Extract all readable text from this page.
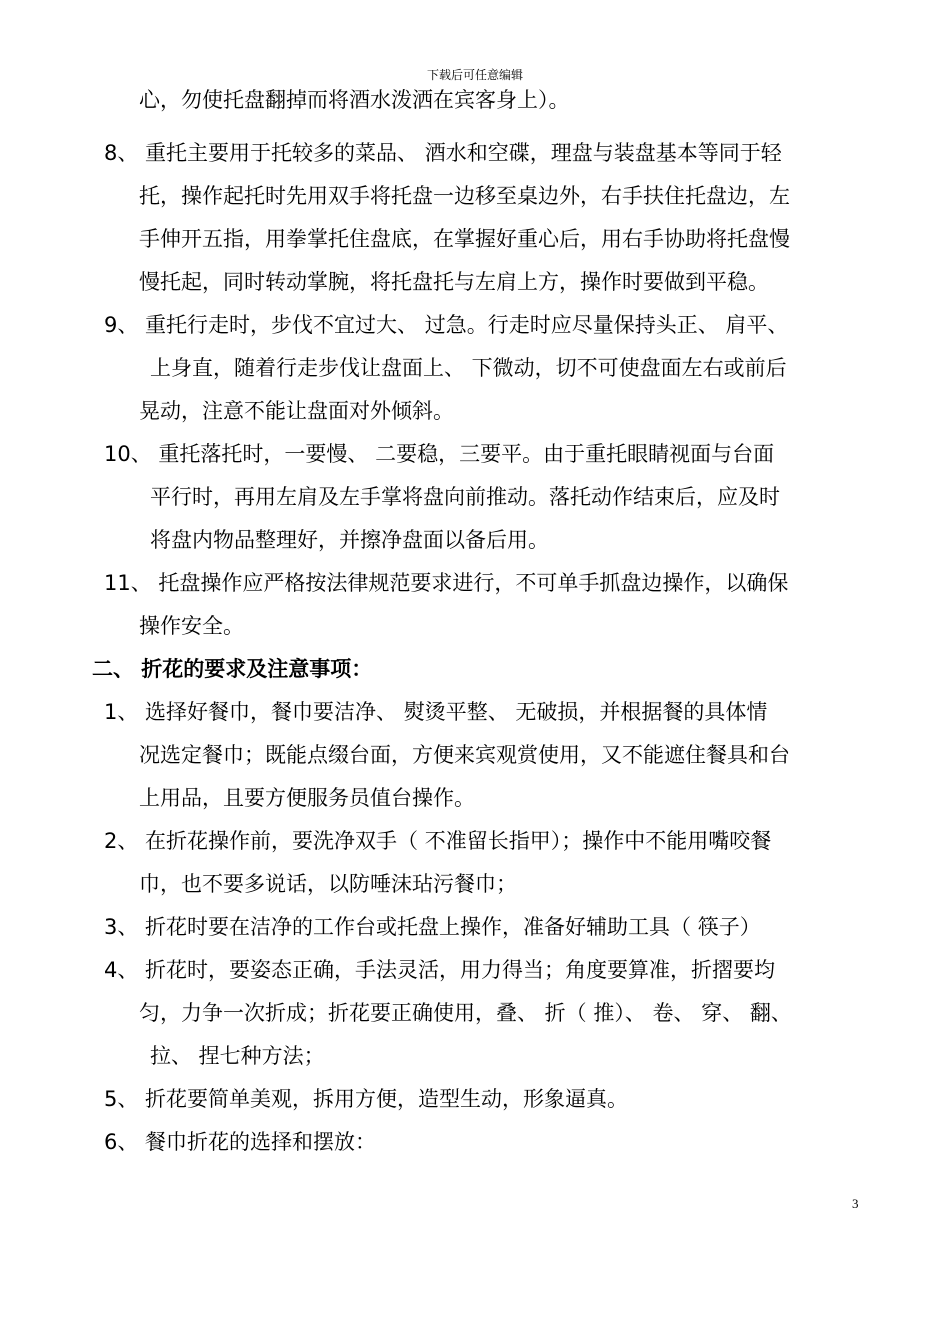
下载后可任意编辑
心，勿使托盘翻掉而将酒水泼洒在宾客身上）。
8、 重托主要用于托较多的菜品、 酒水和空碟，理盘与装盘基本等同于轻
托，操作起托时先用双手将托盘一边移至桌边外，右手扶住托盘边，左
手伸开五指，用拳掌托住盘底，在掌握好重心后，用右手协助将托盘慢
慢托起，同时转动掌腕，将托盘托与左肩上方，操作时要做到平稳。
9、 重托行走时，步伐不宜过大、 过急。行走时应尽量保持头正、 肩平、
上身直，随着行走步伐让盘面上、 下微动，切不可使盘面左右或前后
晃动，注意不能让盘面对外倾斜。
10、 重托落托时，一要慢、 二要稳，三要平。由于重托眼睛视面与台面
平行时，再用左肩及左手掌将盘向前推动。落托动作结束后，应及时
将盘内物品整理好，并擦净盘面以备后用。
11、 托盘操作应严格按法律规范要求进行，不可单手抓盘边操作，以确保
操作安全。
二、 折花的要求及注意事项：
1、 选择好餐巾，餐巾要洁净、 熨烫平整、 无破损，并根据餐的具体情
况选定餐巾；既能点缀台面，方便来宾观赏使用，又不能遮住餐具和台
上用品，且要方便服务员值台操作。
2、 在折花操作前，要洗净双手（ 不准留长指甲）；操作中不能用嘴咬餐
巾，也不要多说话，以防唾沫玷污餐巾；
3、 折花时要在洁净的工作台或托盘上操作，准备好辅助工具（ 筷子）
4、 折花时，要姿态正确，手法灵活，用力得当；角度要算准，折摺要均
匀，力争一次折成；折花要正确使用，叠、 折（ 推）、 卷、 穿、 翻、
拉、 捏七种方法；
5、 折花要简单美观，拆用方便，造型生动，形象逼真。
6、 餐巾折花的选择和摆放：
3
